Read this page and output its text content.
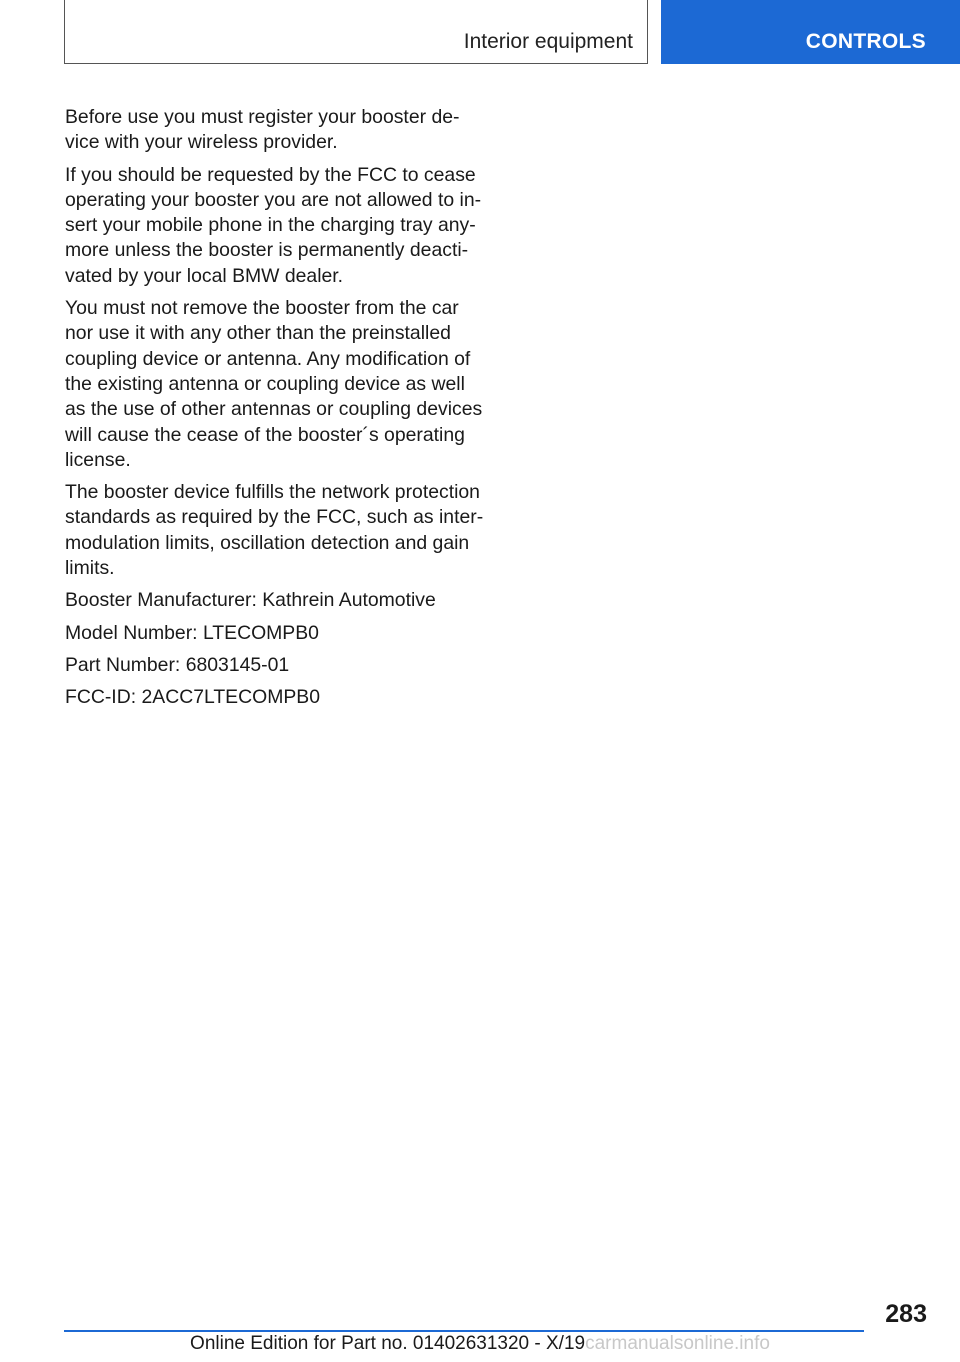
Interior equipment	CONTROLS

Before use you must register your booster device with your wireless provider.

If you should be requested by the FCC to cease operating your booster you are not allowed to insert your mobile phone in the charging tray anymore unless the booster is permanently deactivated by your local BMW dealer.

You must not remove the booster from the car nor use it with any other than the preinstalled coupling device or antenna. Any modification of the existing antenna or coupling device as well as the use of other antennas or coupling devices will cause the cease of the booster´s operating license.

The booster device fulfills the network protection standards as required by the FCC, such as intermodulation limits, oscillation detection and gain limits.

Booster Manufacturer: Kathrein Automotive

Model Number: LTECOMPB0

Part Number: 6803145-01

FCC-ID: 2ACC7LTECOMPB0

283
Online Edition for Part no. 01402631320 - X/19carmanualsonline.info
